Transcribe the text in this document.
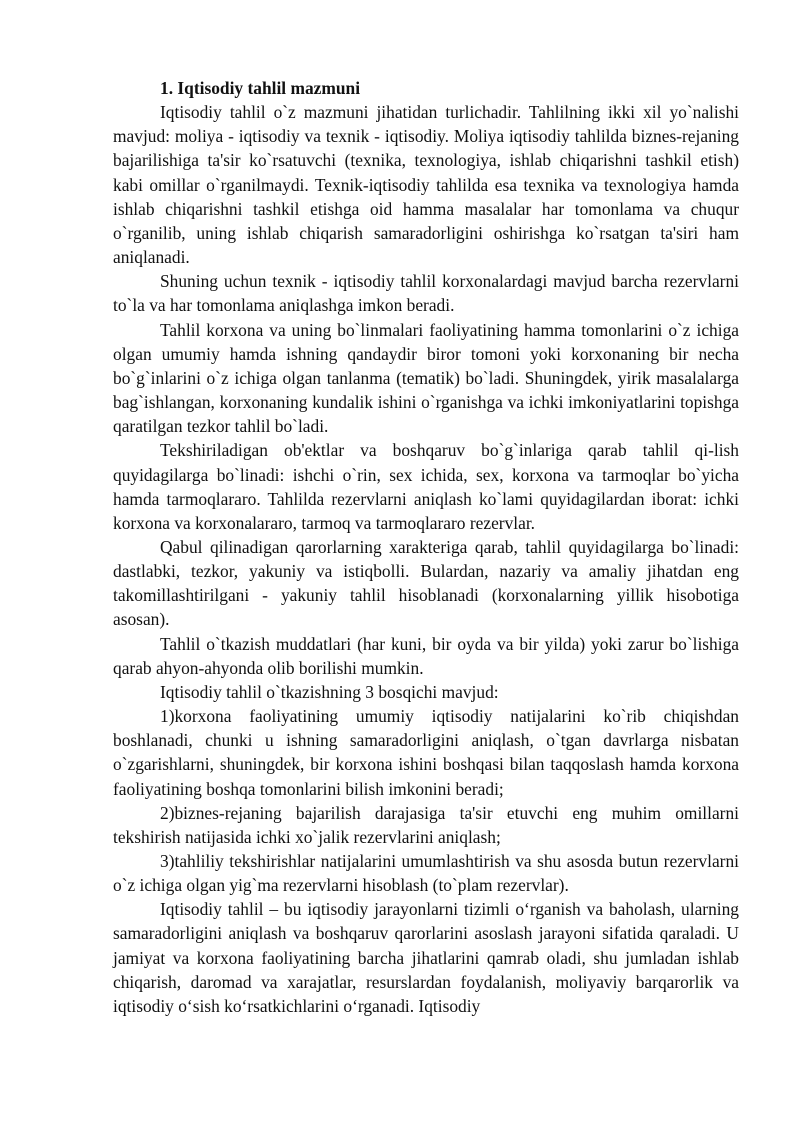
1. Iqtisodiy tahlil mazmuni

Iqtisodiy tahlil o`z mazmuni jihatidan turlichadir. Tahlilning ikki xil yo`nalishi mavjud: moliya - iqtisodiy va texnik - iqtisodiy. Moliya iqtisodiy tahlilda biznes-rejaning bajarilishiga ta'sir ko`rsatuvchi (texnika, texnologiya, ishlab chiqarishni tashkil etish) kabi omillar o`rganilmaydi. Texnik-iqtisodiy tahlilda esa texnika va texnologiya hamda ishlab chiqarishni tashkil etishga oid hamma masalalar har tomonlama va chuqur o`rganilib, uning ishlab chiqarish samaradorligini oshirishga ko`rsatgan ta'siri ham aniqlanadi.

Shuning uchun texnik - iqtisodiy tahlil korxonalardagi mavjud barcha rezervlarni to`la va har tomonlama aniqlashga imkon beradi.

Tahlil korxona va uning bo`linmalari faoliyatining hamma tomonlarini o`z ichiga olgan umumiy hamda ishning qandaydir biror tomoni yoki korxonaning bir necha bo`g`inlarini o`z ichiga olgan tanlanma (tematik) bo`ladi. Shuningdek, yirik masalalarga bag`ishlangan, korxonaning kundalik ishini o`rganishga va ichki imkoniyatlarini topishga qaratilgan tezkor tahlil bo`ladi.

Tekshiriladigan ob'ektlar va boshqaruv bo`g`inlariga qarab tahlil qi-lish quyidagilarga bo`linadi: ishchi o`rin, sex ichida, sex, korxona va tarmoqlar bo`yicha hamda tarmoqlararo. Tahlilda rezervlarni aniqlash ko`lami quyidagilardan iborat: ichki korxona va korxonalararo, tarmoq va tarmoqlararo rezervlar.

Qabul qilinadigan qarorlarning xarakteriga qarab, tahlil quyidagilarga bo`linadi: dastlabki, tezkor, yakuniy va istiqbolli. Bulardan, nazariy va amaliy jihatdan eng takomillashtirilgani - yakuniy tahlil hisoblanadi (korxonalarning yillik hisobotiga asosan).

Tahlil o`tkazish muddatlari (har kuni, bir oyda va bir yilda) yoki zarur bo`lishiga qarab ahyon-ahyonda olib borilishi mumkin.

Iqtisodiy tahlil o`tkazishning 3 bosqichi mavjud:

1)korxona faoliyatining umumiy iqtisodiy natijalarini ko`rib chiqishdan boshlanadi, chunki u ishning samaradorligini aniqlash, o`tgan davrlarga nisbatan o`zgarishlarni, shuningdek, bir korxona ishini boshqasi bilan taqqoslash hamda korxona faoliyatining boshqa tomonlarini bilish imkonini beradi;

2)biznes-rejaning bajarilish darajasiga ta'sir etuvchi eng muhim omillarni tekshirish natijasida ichki xo`jalik rezervlarini aniqlash;

3)tahliliy tekshirishlar natijalarini umumlashtirish va shu asosda butun rezervlarni o`z ichiga olgan yig`ma rezervlarni hisoblash (to`plam rezervlar).

Iqtisodiy tahlil – bu iqtisodiy jarayonlarni tizimli o‘rganish va baholash, ularning samaradorligini aniqlash va boshqaruv qarorlarini asoslash jarayoni sifatida qaraladi. U jamiyat va korxona faoliyatining barcha jihatlarini qamrab oladi, shu jumladan ishlab chiqarish, daromad va xarajatlar, resurslardan foydalanish, moliyaviy barqarorlik va iqtisodiy o‘sish ko‘rsatkichlarini o‘rganadi. Iqtisodiy
